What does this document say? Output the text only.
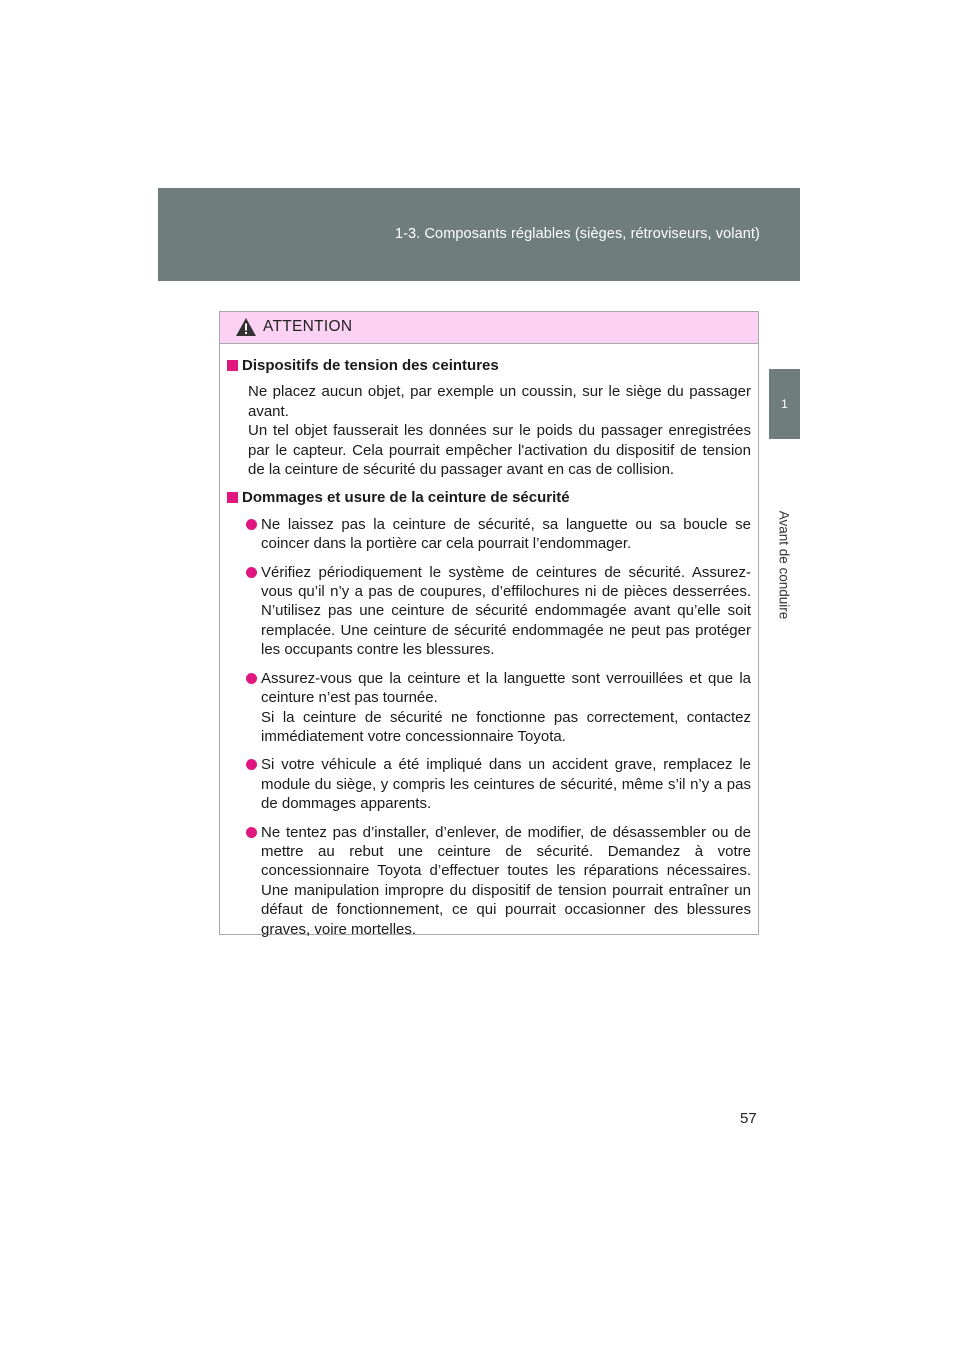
1-3. Composants réglables (sièges, rétroviseurs, volant)
1
Avant de conduire
ATTENTION
Dispositifs de tension des ceintures
Ne placez aucun objet, par exemple un coussin, sur le siège du passager avant.
Un tel objet fausserait les données sur le poids du passager enregistrées par le capteur. Cela pourrait empêcher l'activation du dispositif de tension de la ceinture de sécurité du passager avant en cas de collision.
Dommages et usure de la ceinture de sécurité
Ne laissez pas la ceinture de sécurité, sa languette ou sa boucle se coincer dans la portière car cela pourrait l’endommager.
Vérifiez périodiquement le système de ceintures de sécurité. Assurez-vous qu’il n’y a pas de coupures, d’effilochures ni de pièces desserrées. N’utilisez pas une ceinture de sécurité endommagée avant qu’elle soit remplacée. Une ceinture de sécurité endommagée ne peut pas protéger les occupants contre les blessures.
Assurez-vous que la ceinture et la languette sont verrouillées et que la ceinture n’est pas tournée.
Si la ceinture de sécurité ne fonctionne pas correctement, contactez immédiatement votre concessionnaire Toyota.
Si votre véhicule a été impliqué dans un accident grave, remplacez le module du siège, y compris les ceintures de sécurité, même s’il n’y a pas de dommages apparents.
Ne tentez pas d’installer, d’enlever, de modifier, de désassembler ou de mettre au rebut une ceinture de sécurité. Demandez à votre concessionnaire Toyota d’effectuer toutes les réparations nécessaires. Une manipulation impropre du dispositif de tension pourrait entraîner un défaut de fonctionnement, ce qui pourrait occasionner des blessures graves, voire mortelles.
57
